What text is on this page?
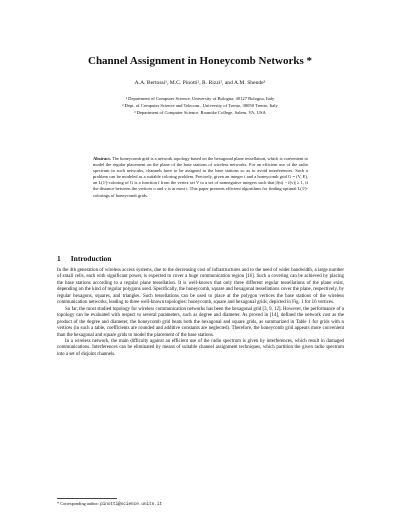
Channel Assignment in Honeycomb Networks *
A.A. Bertossi¹, M.C. Pinotti², R. Rizzi², and A.M. Shende³
¹ Department of Computer Science, University of Bologna, 40127 Bologna, Italy
² Dept. of Computer Science and Telecom., University of Trento, 38050 Trento, Italy
³ Department of Computer Science, Roanoke College, Salem, VA, USA
Abstract. The honeycomb grid is a network topology based on the hexagonal plane tessellation, which is convenient to model the regular placement on the plane of the base stations of wireless networks. For an efficient use of the radio spectrum in such networks, channels have to be assigned to the base stations so as to avoid interferences. Such a problem can be modeled as a suitable coloring problem. Precisely, given an integer t and a honeycomb grid G = (V, E), an L(1ᵗ)-coloring of G is a function f from the vertex set V to a set of nonnegative integers such that |f(u) − f(v)| ≥ 1, if the distance between the vertices u and v is at most t. This paper presents efficient algorithms for finding optimal L(1ᵗ)-colorings of honeycomb grids.
1 Introduction

In the 4th generation of wireless access systems, due to the decreasing cost of infrastructures and to the need of wider bandwidth, a large number of small cells, each with significant power, is expected to cover a huge communication region [16]. Such a covering can be achieved by placing the base stations according to a regular plane tessellation. It is well-known that only three different regular tessellations of the plane exist, depending on the kind of regular polygons used. Specifically, the honeycomb, square and hexagonal tessellations cover the plane, respectively, by regular hexagons, squares, and triangles. Such tessellations can be used to place at the polygon vertices the base stations of the wireless communication networks, leading to three well-known topologies: honeycomb, square and hexagonal grids, depicted in Fig. 1 for 16 vertices.

So far, the most studied topology for wireless communication networks has been the hexagonal grid [3, 9, 12]. However, the performance of a topology can be evaluated with respect to several parameters, such as degree and diameter. As proved in [14], defined the network cost as the product of the degree and diameter, the honeycomb grid beats both the hexagonal and square grids, as summarized in Table 1 for grids with n vertices (in such a table, coefficients are rounded and additive constants are neglected). Therefore, the honeycomb grid appears more convenient than the hexagonal and square grids to model the placement of the base stations.

In a wireless network, the main difficulty against an efficient use of the radio spectrum is given by interferences, which result in damaged communications. Interferences can be eliminated by means of suitable channel assignment techniques, which partition the given radio spectrum into a set of disjoint channels.

* Corresponding author: pinotti@science.unitn.it
